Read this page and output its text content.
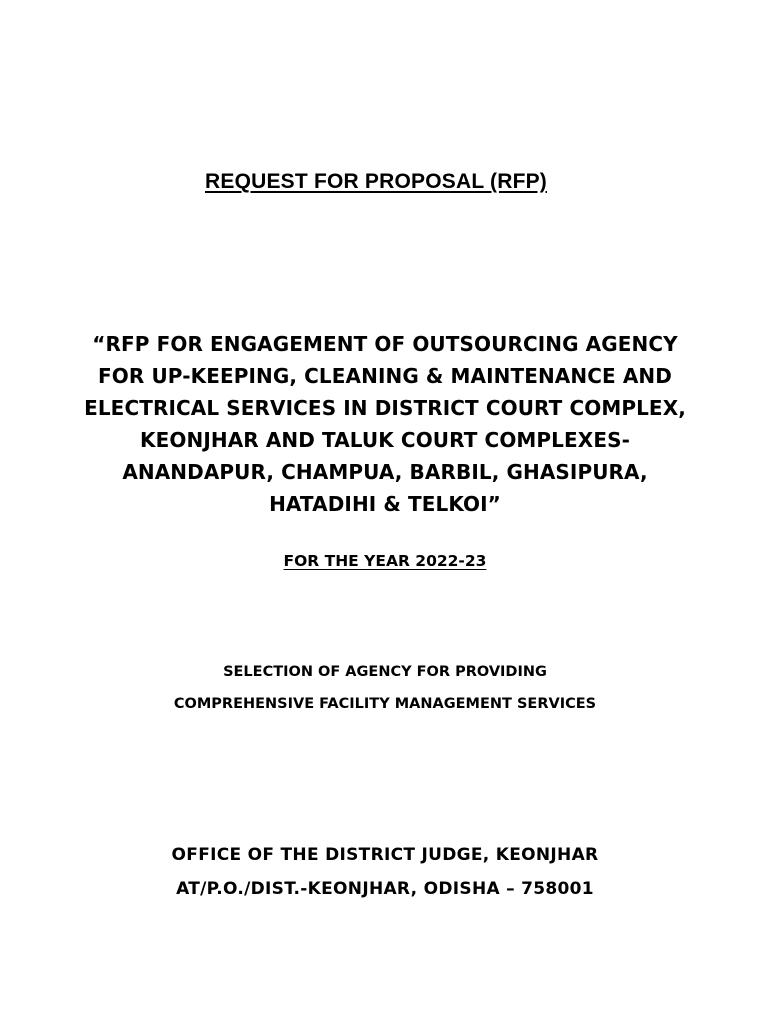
REQUEST FOR PROPOSAL (RFP)
“RFP FOR ENGAGEMENT OF OUTSOURCING AGENCY
FOR UP-KEEPING, CLEANING & MAINTENANCE AND
ELECTRICAL SERVICES IN DISTRICT COURT COMPLEX,
KEONJHAR AND TALUK COURT COMPLEXES-
ANANDAPUR, CHAMPUA, BARBIL, GHASIPURA,
HATADIHI & TELKOI”
FOR THE YEAR 2022-23
SELECTION OF AGENCY FOR PROVIDING
COMPREHENSIVE FACILITY MANAGEMENT SERVICES
OFFICE OF THE DISTRICT JUDGE, KEONJHAR
AT/P.O./DIST.-KEONJHAR, ODISHA – 758001
